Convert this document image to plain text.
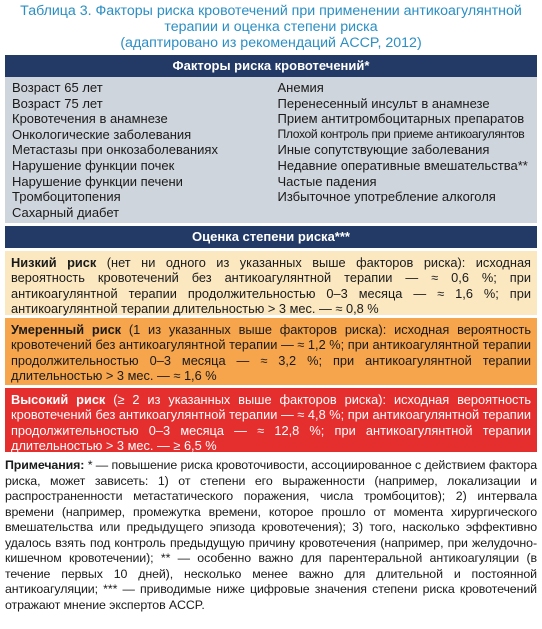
Таблица 3. Факторы риска кровотечений при применении антикоагулянтной
терапии и оценка степени риска
(адаптировано из рекомендаций ACCP, 2012)
Факторы риска кровотечений*
Возраст 65 лет
Возраст 75 лет
Кровотечения в анамнезе
Онкологические заболевания
Метастазы при онкозаболеваниях
Нарушение функции почек
Нарушение функции печени
Тромбоцитопения
Сахарный диабет
Анемия
Перенесенный инсульт в анамнезе
Прием антитромбоцитарных препаратов
Плохой контроль при приеме антикоагулянтов
Иные сопутствующие заболевания
Недавние оперативные вмешательства**
Частые падения
Избыточное употребление алкоголя
Оценка степени риска***
Низкий риск (нет ни одного из указанных выше факторов риска): исходная вероятность кровотечений без антикоагулянтной терапии — ≈ 0,6 %; при антикоагулянтной терапии продолжительностью 0–3 месяца — ≈ 1,6 %; при антикоагулянтной терапии длительностью > 3 мес. — ≈ 0,8 %
Умеренный риск (1 из указанных выше факторов риска): исходная вероятность кровотечений без антикоагулянтной терапии — ≈ 1,2 %; при антикоагулянтной терапии продолжительностью 0–3 месяца — ≈ 3,2 %; при антикоагулянтной терапии длительностью > 3 мес. — ≈ 1,6 %
Высокий риск (≥ 2 из указанных выше факторов риска): исходная вероятность кровотечений без антикоагулянтной терапии — ≈ 4,8 %; при антикоагулянтной терапии продолжительностью 0–3 месяца — ≈ 12,8 %; при антикоагулянтной терапии длительностью > 3 мес. — ≥ 6,5 %
Примечания: * — повышение риска кровоточивости, ассоциированное с действием фактора риска, может зависеть: 1) от степени его выраженности (например, локализации и распространенности метастатического поражения, числа тромбоцитов); 2) интервала времени (например, промежутка времени, которое прошло от момента хирургического вмешательства или предыдущего эпизода кровотечения); 3) того, насколько эффективно удалось взять под контроль предыдущую причину кровотечения (например, при желудочно-кишечном кровотечении); ** — особенно важно для парентеральной антикоагуляции (в течение первых 10 дней), несколько менее важно для длительной и постоянной антикоагуляции; *** — приводимые ниже цифровые значения степени риска кровотечений отражают мнение экспертов ACCP.
